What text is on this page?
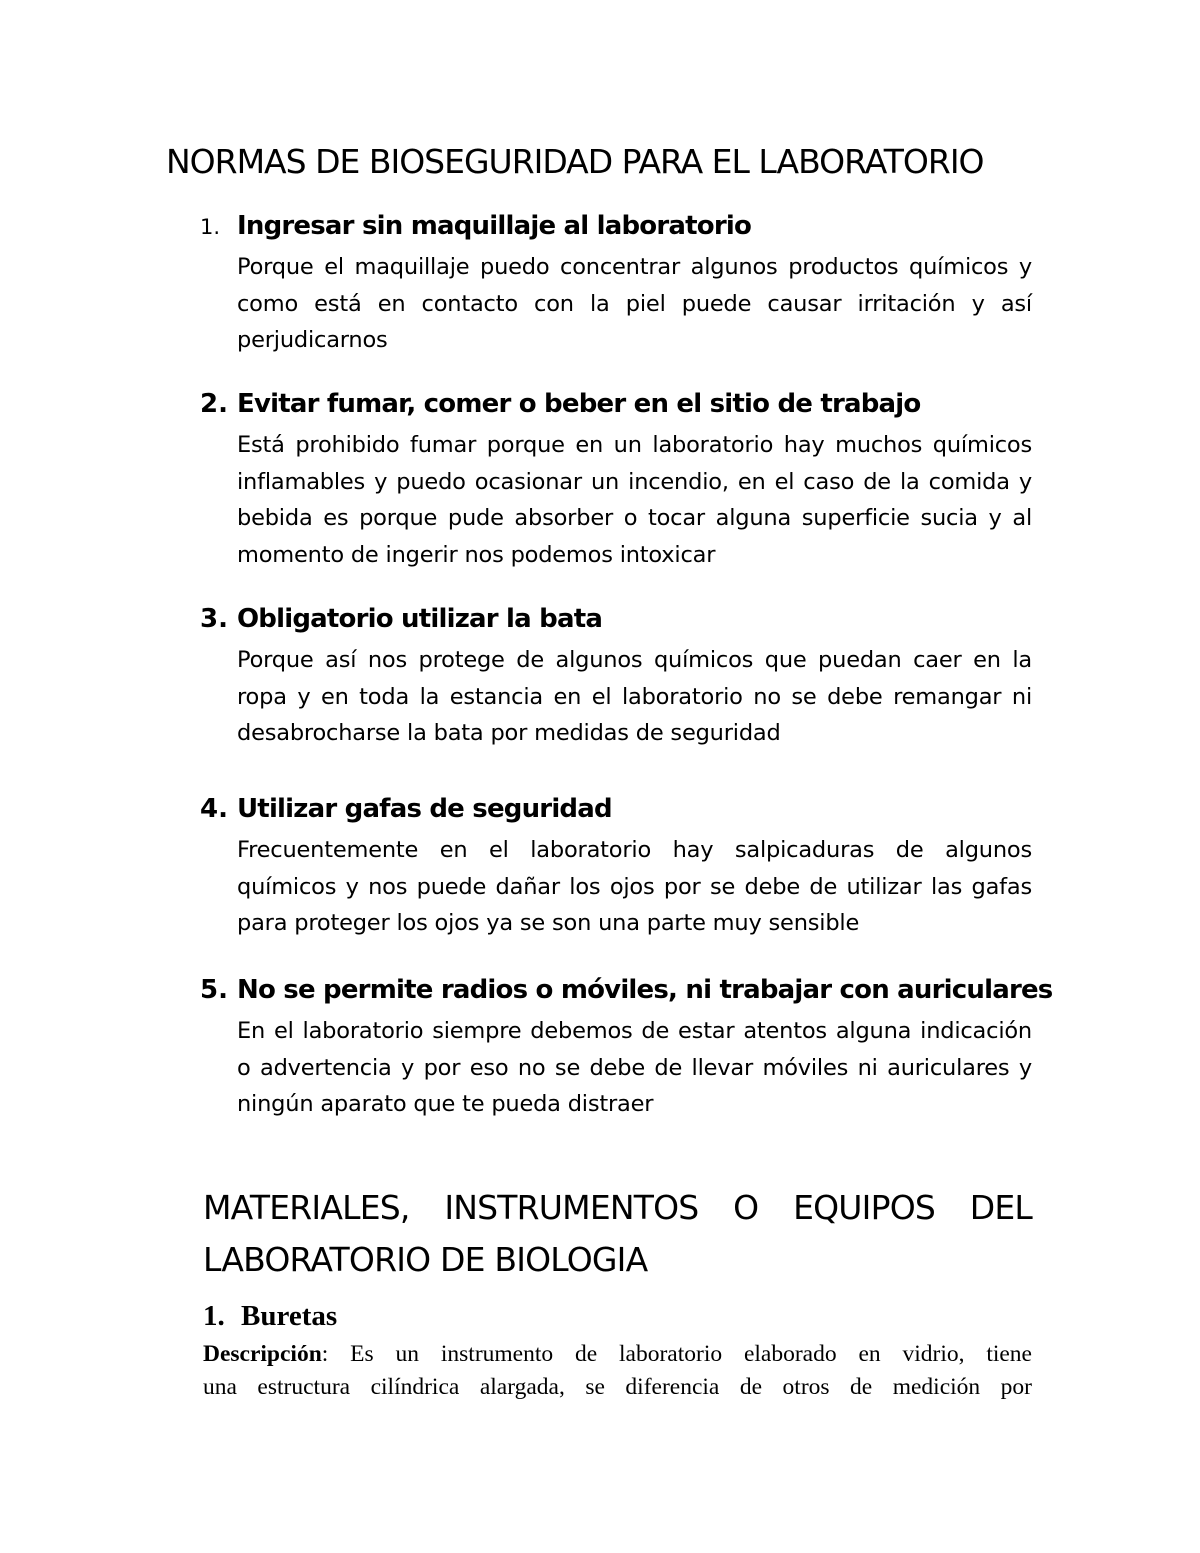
NORMAS DE BIOSEGURIDAD PARA EL LABORATORIO
1. Ingresar sin maquillaje al laboratorio
Porque el maquillaje puedo concentrar algunos productos químicos y
como está en contacto con la piel puede causar irritación y así
perjudicarnos
2. Evitar fumar, comer o beber en el sitio de trabajo
Está prohibido fumar porque en un laboratorio hay muchos químicos
inflamables y puedo ocasionar un incendio, en el caso de la comida y
bebida es porque pude absorber o tocar alguna superficie sucia y al
momento de ingerir nos podemos intoxicar
3. Obligatorio utilizar la bata
Porque así nos protege de algunos químicos que puedan caer en la
ropa y en toda la estancia en el laboratorio no se debe remangar ni
desabrocharse la bata por medidas de seguridad
4. Utilizar gafas de seguridad
Frecuentemente en el laboratorio hay salpicaduras de algunos
químicos y nos puede dañar los ojos por se debe de utilizar las gafas
para proteger los ojos ya se son una parte muy sensible
5. No se permite radios o móviles, ni trabajar con auriculares
En el laboratorio siempre debemos de estar atentos alguna indicación
o advertencia y por eso no se debe de llevar móviles ni auriculares y
ningún aparato que te pueda distraer
MATERIALES, INSTRUMENTOS O EQUIPOS DEL
LABORATORIO DE BIOLOGIA
1. Buretas
Descripción: Es un instrumento de laboratorio elaborado en vidrio, tiene
una estructura cilíndrica alargada, se diferencia de otros de medición por
